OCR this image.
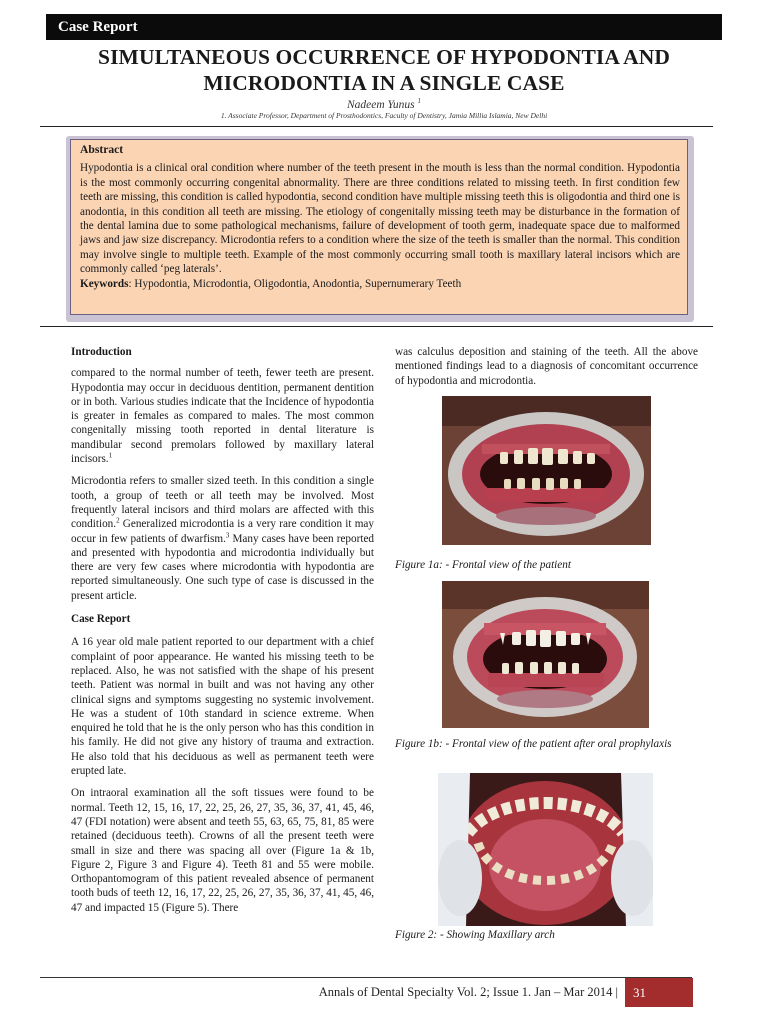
Case Report
SIMULTANEOUS OCCURRENCE OF HYPODONTIA AND MICRODONTIA IN A SINGLE CASE
Nadeem Yunus $^1$
1. Associate Professor, Department of Prosthodontics, Faculty of Dentistry, Jamia Millia Islamia, New Delhi
Abstract
Hypodontia is a clinical oral condition where number of the teeth present in the mouth is less than the normal condition. Hypodontia is the most commonly occurring congenital abnormality. There are three conditions related to missing teeth. In first condition few teeth are missing, this condition is called hypodontia, second condition have multiple missing teeth this is oligodontia and third one is anodontia, in this condition all teeth are missing. The etiology of congenitally missing teeth may be disturbance in the formation of the dental lamina due to some pathological mechanisms, failure of development of tooth germ, inadequate space due to malformed jaws and jaw size discrepancy. Microdontia refers to a condition where the size of the teeth is smaller than the normal. This condition may involve single to multiple teeth. Example of the most commonly occurring small tooth is maxillary lateral incisors which are commonly called ‘peg laterals’.
Keywords: Hypodontia, Microdontia, Oligodontia, Anodontia, Supernumerary Teeth
Introduction

compared to the normal number of teeth, fewer teeth are present. Hypodontia may occur in deciduous dentition, permanent dentition or in both. Various studies indicate that the Incidence of hypodontia is greater in females as compared to males. The most common congenitally missing tooth reported in dental literature is mandibular second premolars followed by maxillary lateral incisors.$^1$

Microdontia refers to smaller sized teeth. In this condition a single tooth, a group of teeth or all teeth may be involved. Most frequently lateral incisors and third molars are affected with this condition.$^2$ Generalized microdontia is a very rare condition it may occur in few patients of dwarfism.$^3$ Many cases have been reported and presented with hypodontia and microdontia individually but there are very few cases where microdontia with hypodontia are reported simultaneously. One such type of case is discussed in the present article.

Case Report

A 16 year old male patient reported to our department with a chief complaint of poor appearance. He wanted his missing teeth to be replaced. Also, he was not satisfied with the shape of his present teeth. Patient was normal in built and was not having any other clinical signs and symptoms suggesting no systemic involvement. He was a student of 10th standard in science extreme. When enquired he told that he is the only person who has this condition in his family. He did not give any history of trauma and extraction. He also told that his deciduous as well as permanent teeth were erupted late.

On intraoral examination all the soft tissues were found to be normal. Teeth 12, 15, 16, 17, 22, 25, 26, 27, 35, 36, 37, 41, 45, 46, 47 (FDI notation) were absent and teeth 55, 63, 65, 75, 81, 85 were retained (deciduous teeth). Crowns of all the present teeth were small in size and there was spacing all over (Figure 1a & 1b, Figure 2, Figure 3 and Figure 4). Teeth 81 and 55 were mobile. Orthopantomogram of this patient revealed absence of permanent tooth buds of teeth 12, 16, 17, 22, 25, 26, 27, 35, 36, 37, 41, 45, 46, 47 and impacted 15 (Figure 5). There

was calculus deposition and staining of the teeth. All the above mentioned findings lead to a diagnosis of concomitant occurrence of hypodontia and microdontia.

Figure 1a: - Frontal view of the patient
Figure 1b: - Frontal view of the patient after oral prophylaxis
Figure 2: - Showing Maxillary arch
Annals of Dental Specialty Vol. 2; Issue 1. Jan – Mar 2014 |	31
